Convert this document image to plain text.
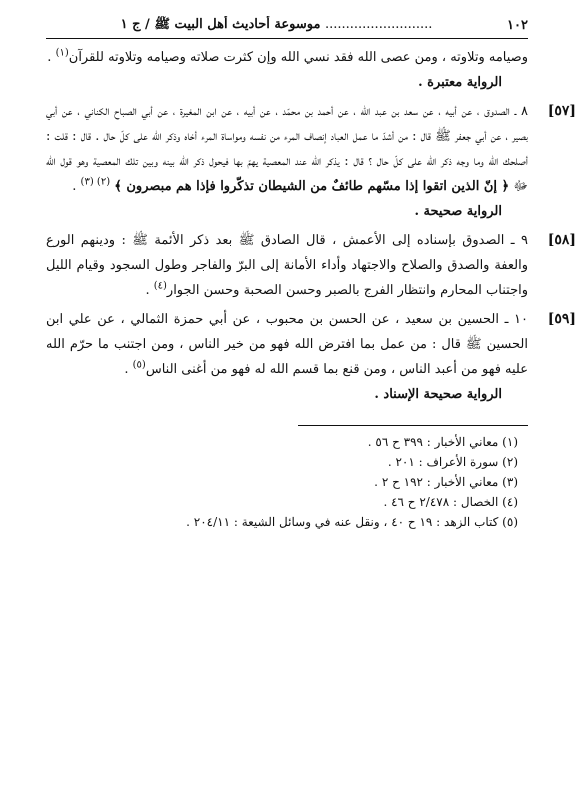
١٠٢
.......................... موسوعة أحاديث أهل البيت ﷺ / ج ١

وصيامه وتلاوته ، ومن عصى الله فقد نسي الله وإن كثرت صلاته وصيامه وتلاوته للقرآن$^{(١)}$ .

الرواية معتبرة .

[٥٧]

٨ ـ الصدوق ، عن أبيه ، عن سعد بن عبد الله ، عن أحمد بن محمّد ، عن أبيه ، عن ابن المغيرة ، عن أبي الصباح الكناني ، عن أبي بصير ، عن أبي جعفر ﷺ قال : من أشدّ ما عمل العباد إنصاف المرء من نفسه ومواساة المرء أخاه وذكر الله على كلّ حال . قال : قلت : أصلحك الله وما وجه ذكر الله على كلّ حال ؟ قال : يذكر الله عند المعصية يهمّ بها فيحول ذكر الله بينه وبين تلك المعصية وهو قول الله ﷻ ﴿ إنّ الذين اتقوا إذا مسّهم طائفٌ من الشيطان تذكّروا فإذا هم مبصرون ﴾ $^{(٢) (٣)}$ .

الرواية صحيحة .

[٥٨]

٩ ـ الصدوق بإسناده إلى الأعمش ، قال الصادق ﷺ بعد ذكر الأئمة ﷺ : ودينهم الورع والعفة والصدق والصلاح والاجتهاد وأداء الأمانة إلى البرّ والفاجر وطول السجود وقيام الليل واجتناب المحارم وانتظار الفرج بالصبر وحسن الصحبة وحسن الجوار$^{(٤)}$ .

[٥٩]

١٠ ـ الحسين بن سعيد ، عن الحسن بن محبوب ، عن أبي حمزة الثمالي ، عن علي ابن الحسين ﷺ قال : من عمل بما افترض الله فهو من خير الناس ، ومن اجتنب ما حرّم الله عليه فهو من أعبد الناس ، ومن قنع بما قسم الله له فهو من أغنى الناس$^{(٥)}$ .

الرواية صحيحة الإسناد .

(١) معاني الأخبار : ٣٩٩ ح ٥٦ .
(٢) سورة الأعراف : ٢٠١ .
(٣) معاني الأخبار : ١٩٢ ح ٢ .
(٤) الخصال : ٢/٤٧٨ ح ٤٦ .
(٥) كتاب الزهد : ١٩ ح ٤٠ ، ونقل عنه في وسائل الشيعة : ٢٠٤/١١ .
